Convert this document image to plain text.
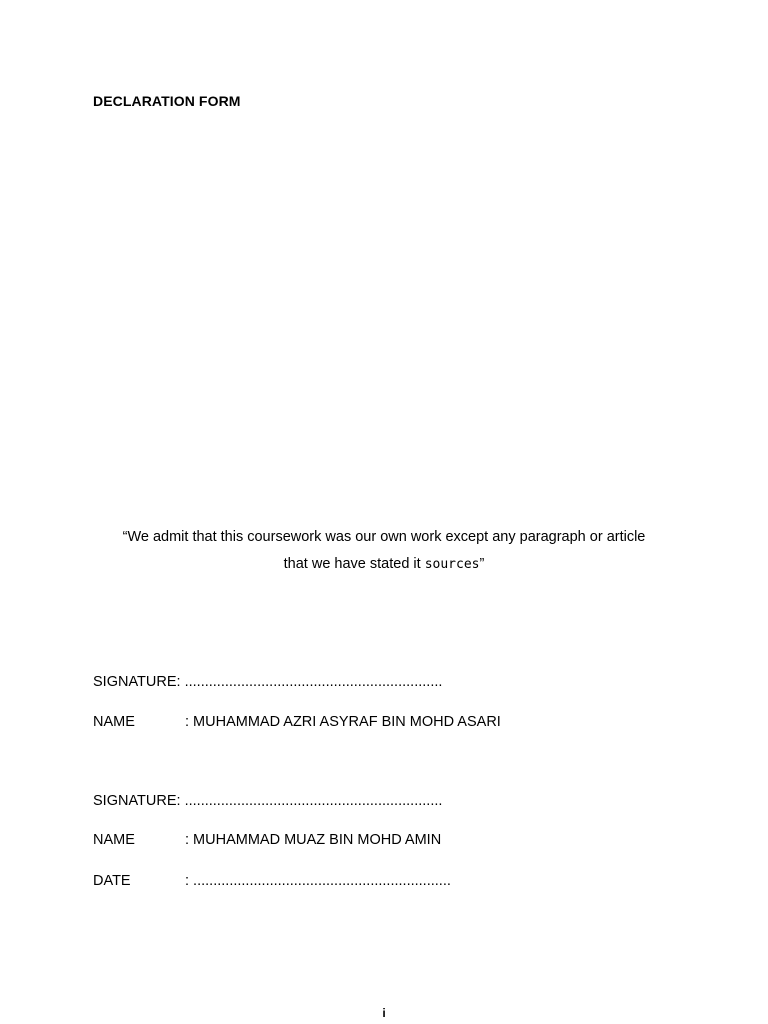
DECLARATION FORM
“We admit that this coursework was our own work except any paragraph or article
that we have stated it sources”
SIGNATURE: ................................................................
NAME	: MUHAMMAD AZRI ASYRAF BIN MOHD ASARI
SIGNATURE: ................................................................
NAME	: MUHAMMAD MUAZ BIN MOHD AMIN
DATE	: ................................................................
i
